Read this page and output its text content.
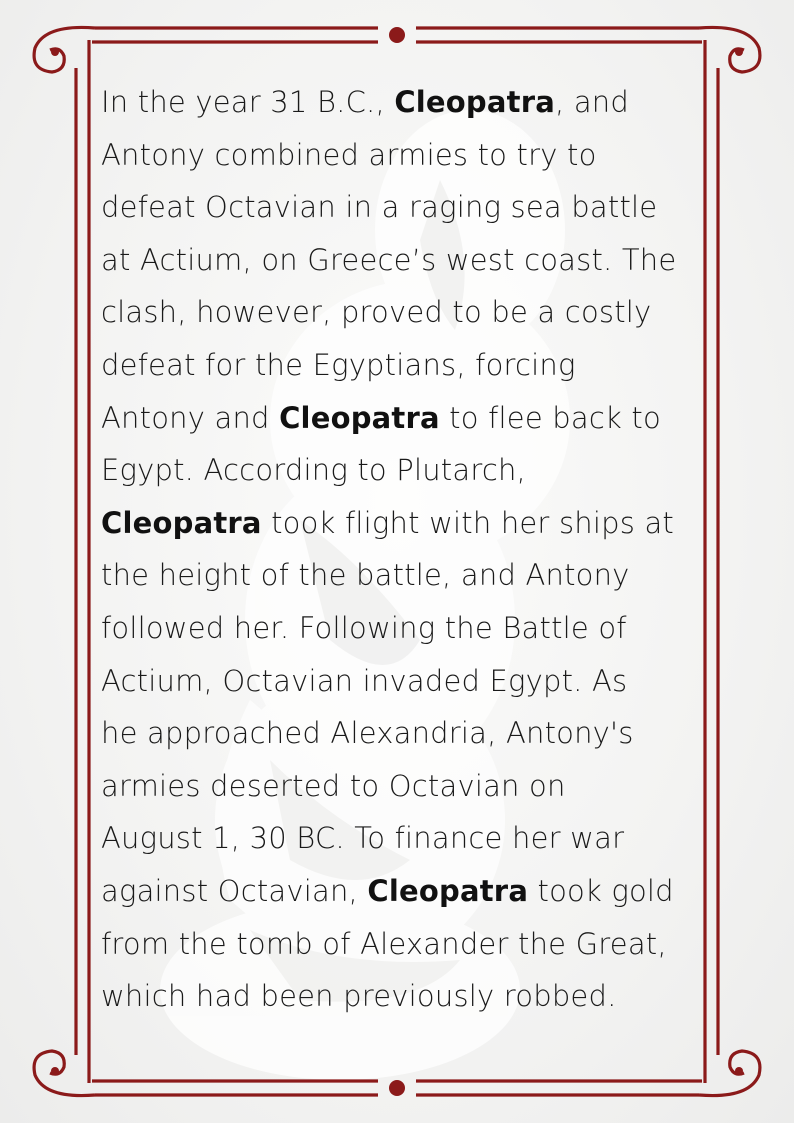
In the year 31 B.C., Cleopatra, and
Antony combined armies to try to
defeat Octavian in a raging sea battle
at Actium, on Greece’s west coast. The
clash, however, proved to be a costly
defeat for the Egyptians, forcing
Antony and Cleopatra to flee back to
Egypt. According to Plutarch,
Cleopatra took flight with her ships at
the height of the battle, and Antony
followed her. Following the Battle of
Actium, Octavian invaded Egypt. As
he approached Alexandria, Antony's
armies deserted to Octavian on
August 1, 30 BC. To finance her war
against Octavian, Cleopatra took gold
from the tomb of Alexander the Great,
which had been previously robbed.
